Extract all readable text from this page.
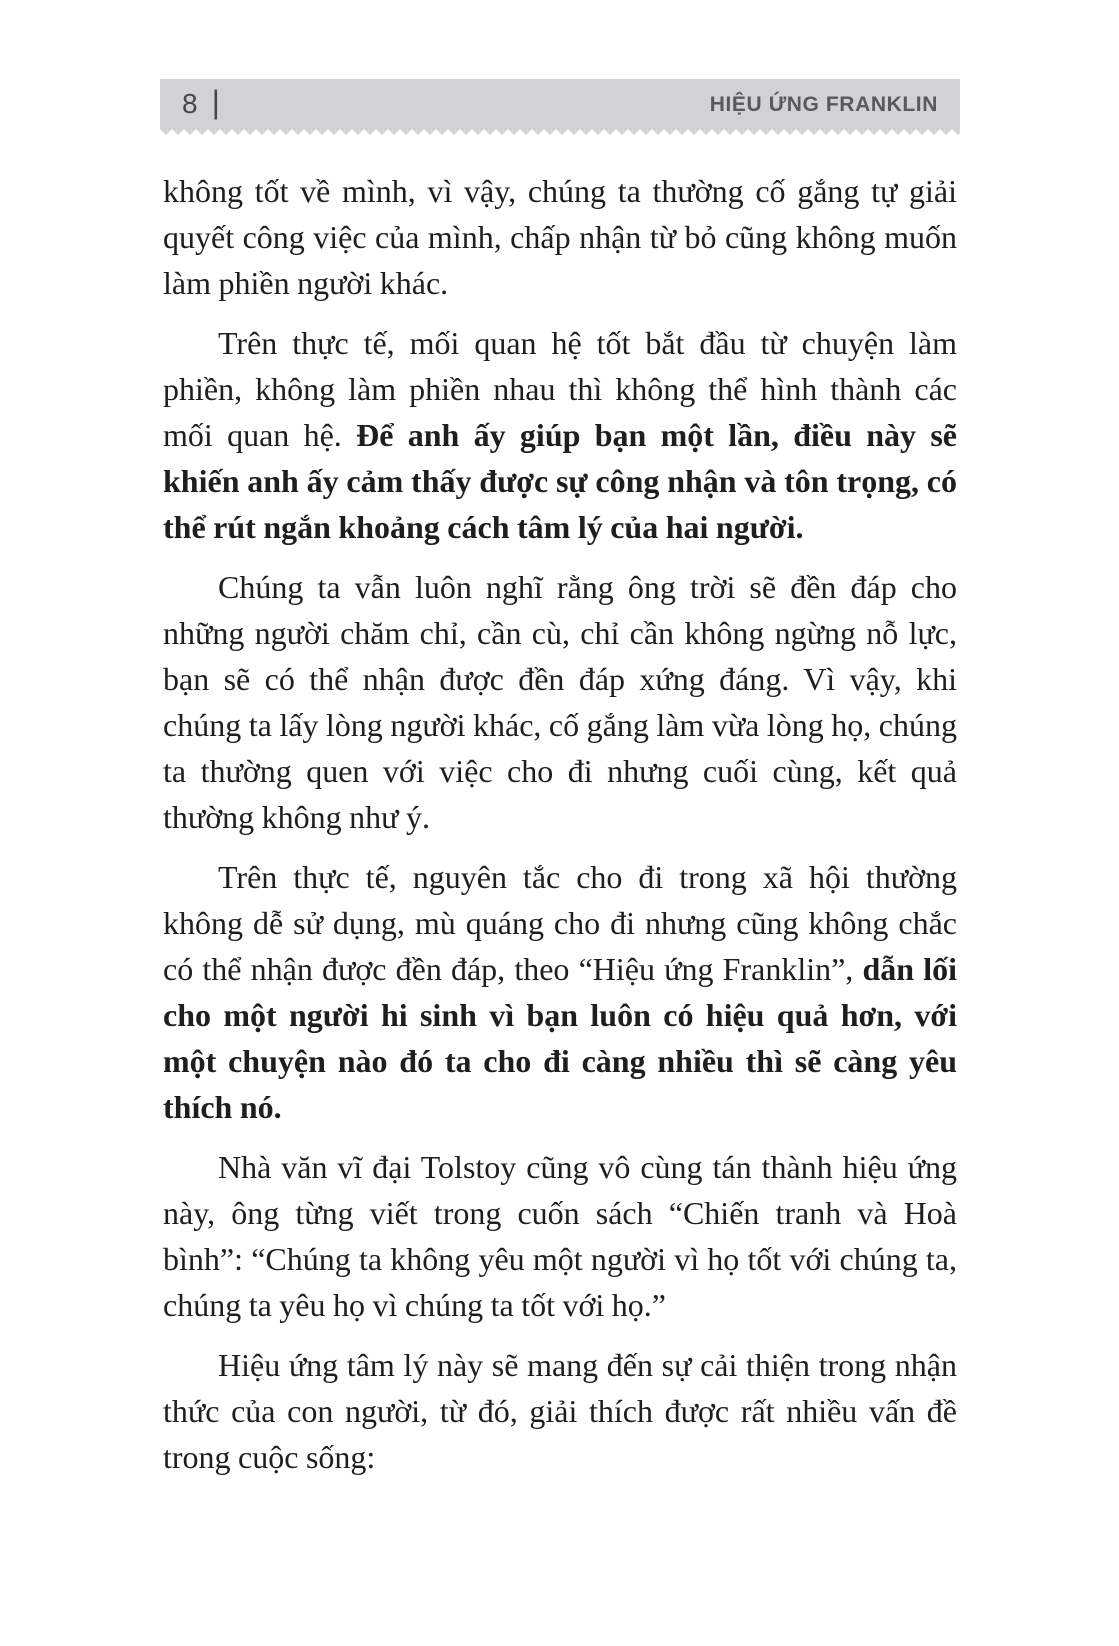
8 |	HIỆU ỨNG FRANKLIN

không tốt về mình, vì vậy, chúng ta thường cố gắng tự giải quyết công việc của mình, chấp nhận từ bỏ cũng không muốn làm phiền người khác.

Trên thực tế, mối quan hệ tốt bắt đầu từ chuyện làm phiền, không làm phiền nhau thì không thể hình thành các mối quan hệ. Để anh ấy giúp bạn một lần, điều này sẽ khiến anh ấy cảm thấy được sự công nhận và tôn trọng, có thể rút ngắn khoảng cách tâm lý của hai người.

Chúng ta vẫn luôn nghĩ rằng ông trời sẽ đền đáp cho những người chăm chỉ, cần cù, chỉ cần không ngừng nỗ lực, bạn sẽ có thể nhận được đền đáp xứng đáng. Vì vậy, khi chúng ta lấy lòng người khác, cố gắng làm vừa lòng họ, chúng ta thường quen với việc cho đi nhưng cuối cùng, kết quả thường không như ý.

Trên thực tế, nguyên tắc cho đi trong xã hội thường không dễ sử dụng, mù quáng cho đi nhưng cũng không chắc có thể nhận được đền đáp, theo “Hiệu ứng Franklin”, dẫn lối cho một người hi sinh vì bạn luôn có hiệu quả hơn, với một chuyện nào đó ta cho đi càng nhiều thì sẽ càng yêu thích nó.

Nhà văn vĩ đại Tolstoy cũng vô cùng tán thành hiệu ứng này, ông từng viết trong cuốn sách “Chiến tranh và Hoà bình”: “Chúng ta không yêu một người vì họ tốt với chúng ta, chúng ta yêu họ vì chúng ta tốt với họ.”

Hiệu ứng tâm lý này sẽ mang đến sự cải thiện trong nhận thức của con người, từ đó, giải thích được rất nhiều vấn đề trong cuộc sống:
